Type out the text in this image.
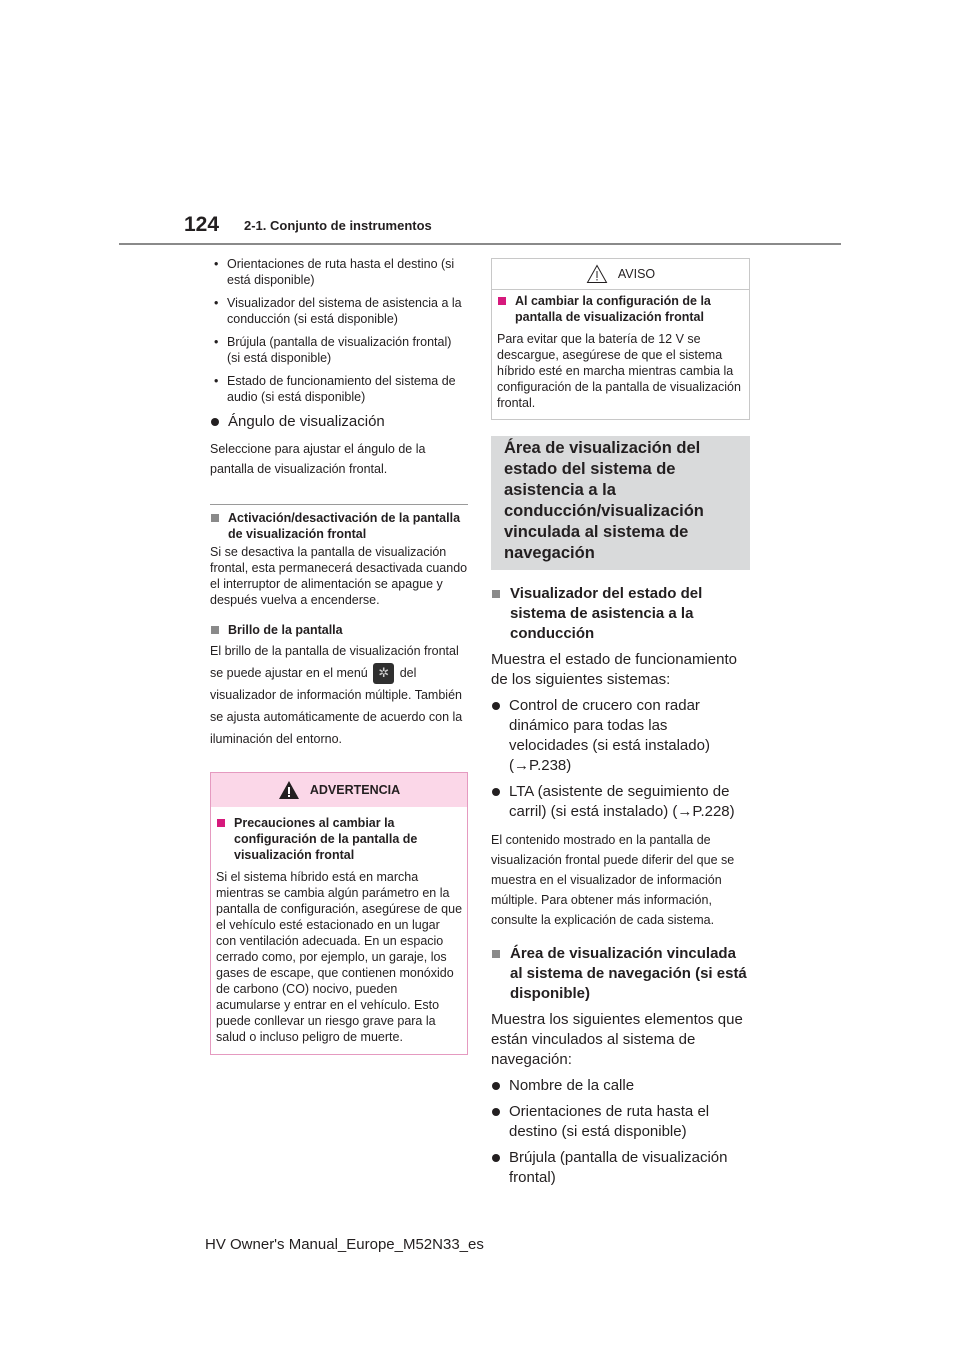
124 2-1. Conjunto de instrumentos
• Orientaciones de ruta hasta el destino (si está disponible)
• Visualizador del sistema de asistencia a la conducción (si está disponible)
• Brújula (pantalla de visualización frontal) (si está disponible)
• Estado de funcionamiento del sistema de audio (si está disponible)
Ángulo de visualización

Seleccione para ajustar el ángulo de la pantalla de visualización frontal.

Activación/desactivación de la pantalla de visualización frontal

Si se desactiva la pantalla de visualización frontal, esta permanecerá desactivada cuando el interruptor de alimentación se apague y después vuelva a encenderse.

Brillo de la pantalla

El brillo de la pantalla de visualización frontal se puede ajustar en el menú ✲ del visualizador de información múltiple. También se ajusta automáticamente de acuerdo con la iluminación del entorno.

ADVERTENCIA
Precauciones al cambiar la configuración de la pantalla de visualización frontal

Si el sistema híbrido está en marcha mientras se cambia algún parámetro en la pantalla de configuración, asegúrese de que el vehículo esté estacionado en un lugar con ventilación adecuada. En un espacio cerrado como, por ejemplo, un garaje, los gases de escape, que contienen monóxido de carbono (CO) nocivo, pueden acumularse y entrar en el vehículo. Esto puede conllevar un riesgo grave para la salud o incluso peligro de muerte.

AVISO
Al cambiar la configuración de la pantalla de visualización frontal

Para evitar que la batería de 12 V se descargue, asegúrese de que el sistema híbrido esté en marcha mientras cambia la configuración de la pantalla de visualización frontal.

Área de visualización del estado del sistema de asistencia a la conducción/visualización vinculada al sistema de navegación
Visualizador del estado del sistema de asistencia a la conducción

Muestra el estado de funcionamiento de los siguientes sistemas:

Control de crucero con radar dinámico para todas las velocidades (si está instalado) (→P.238)
LTA (asistente de seguimiento de carril) (si está instalado) (→P.228)

El contenido mostrado en la pantalla de visualización frontal puede diferir del que se muestra en el visualizador de información múltiple. Para obtener más información, consulte la explicación de cada sistema.

Área de visualización vinculada al sistema de navegación (si está disponible)

Muestra los siguientes elementos que están vinculados al sistema de navegación:

Nombre de la calle
Orientaciones de ruta hasta el destino (si está disponible)
Brújula (pantalla de visualización frontal)
HV Owner's Manual_Europe_M52N33_es
